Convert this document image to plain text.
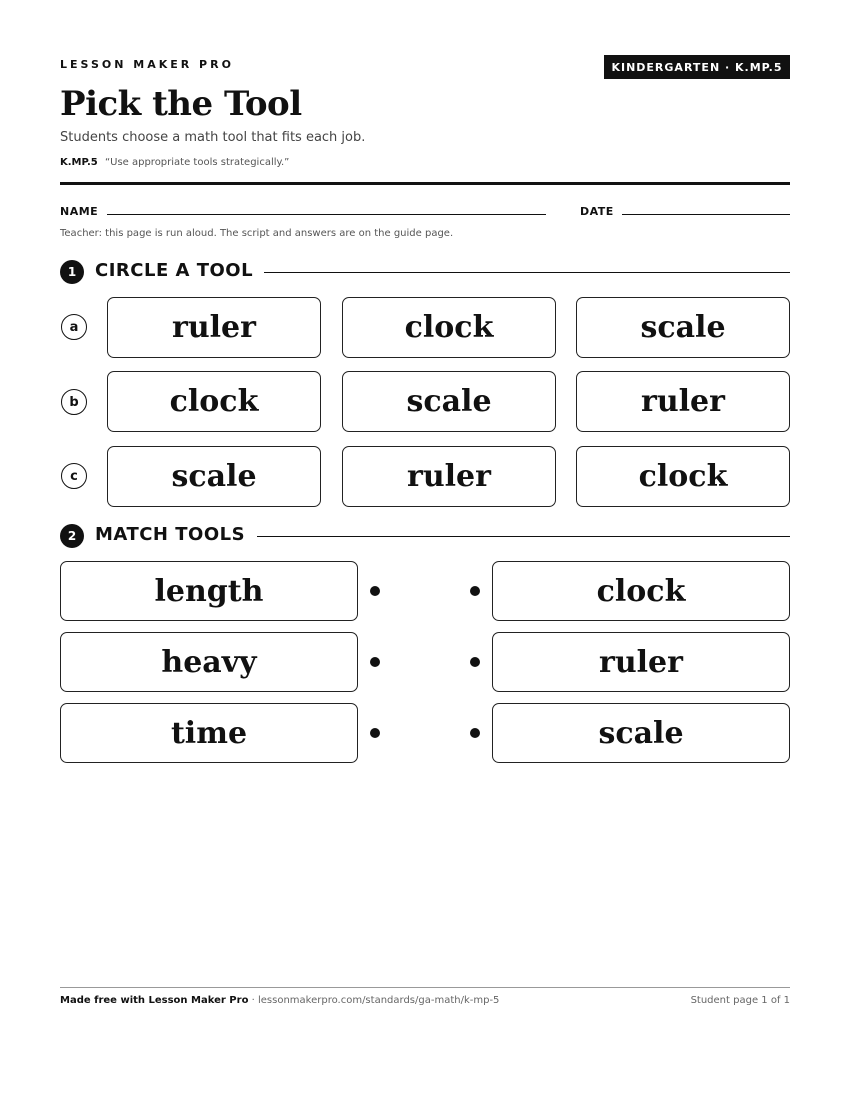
LESSON MAKER PRO	KINDERGARTEN · K.MP.5
Pick the Tool
Students choose a math tool that fits each job.
K.MP.5 “Use appropriate tools strategically.”
NAME	DATE
Teacher: this page is run aloud. The script and answers are on the guide page.
1	CIRCLE A TOOL
a	ruler	clock	scale
b	clock	scale	ruler
c	scale	ruler	clock
2	MATCH TOOLS
length	clock
heavy	ruler
time	scale
Made free with Lesson Maker Pro · lessonmakerpro.com/standards/ga-math/k-mp-5	Student page 1 of 1
